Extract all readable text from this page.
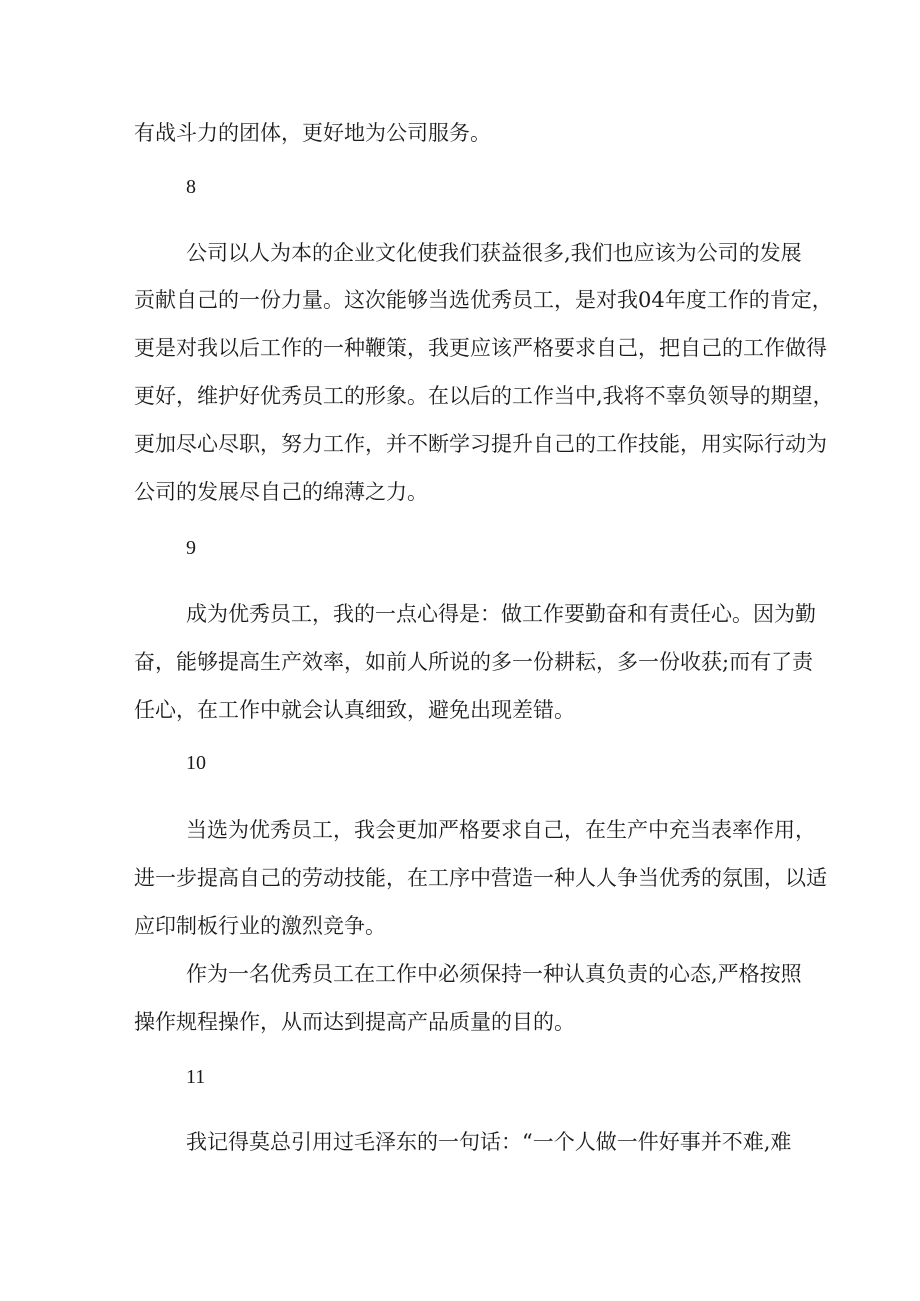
有战斗力的团体，更好地为公司服务。
8
公司以人为本的企业文化使我们获益很多,我们也应该为公司的发展
贡献自己的一份力量。这次能够当选优秀员工，是对我04年度工作的肯定，
更是对我以后工作的一种鞭策，我更应该严格要求自己，把自己的工作做得
更好，维护好优秀员工的形象。在以后的工作当中,我将不辜负领导的期望，
更加尽心尽职，努力工作，并不断学习提升自己的工作技能，用实际行动为
公司的发展尽自己的绵薄之力。
9
成为优秀员工，我的一点心得是：做工作要勤奋和有责任心。因为勤
奋，能够提高生产效率，如前人所说的多一份耕耘，多一份收获;而有了责
任心，在工作中就会认真细致，避免出现差错。
10
当选为优秀员工，我会更加严格要求自己，在生产中充当表率作用，
进一步提高自己的劳动技能，在工序中营造一种人人争当优秀的氛围，以适
应印制板行业的激烈竞争。
作为一名优秀员工在工作中必须保持一种认真负责的心态,严格按照
操作规程操作，从而达到提高产品质量的目的。
11
我记得莫总引用过毛泽东的一句话：“一个人做一件好事并不难,难
